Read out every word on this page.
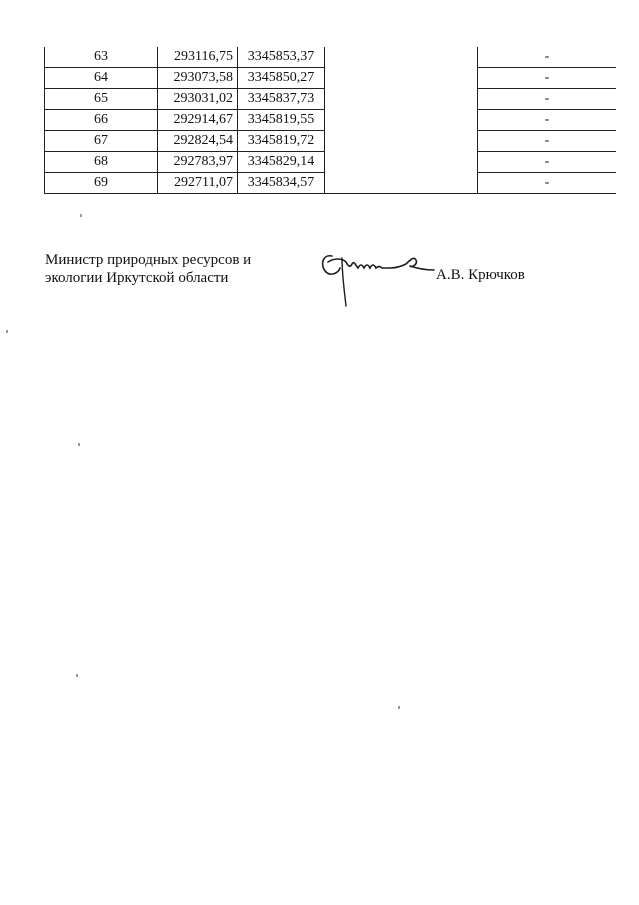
63	293116,75	3345853,37		-
64	293073,58	3345850,27		-
65	293031,02	3345837,73		-
66	292914,67	3345819,55		-
67	292824,54	3345819,72		-
68	292783,97	3345829,14		-
69	292711,07	3345834,57		-
Министр природных ресурсов и
экологии Иркутской области	А.В. Крючков
